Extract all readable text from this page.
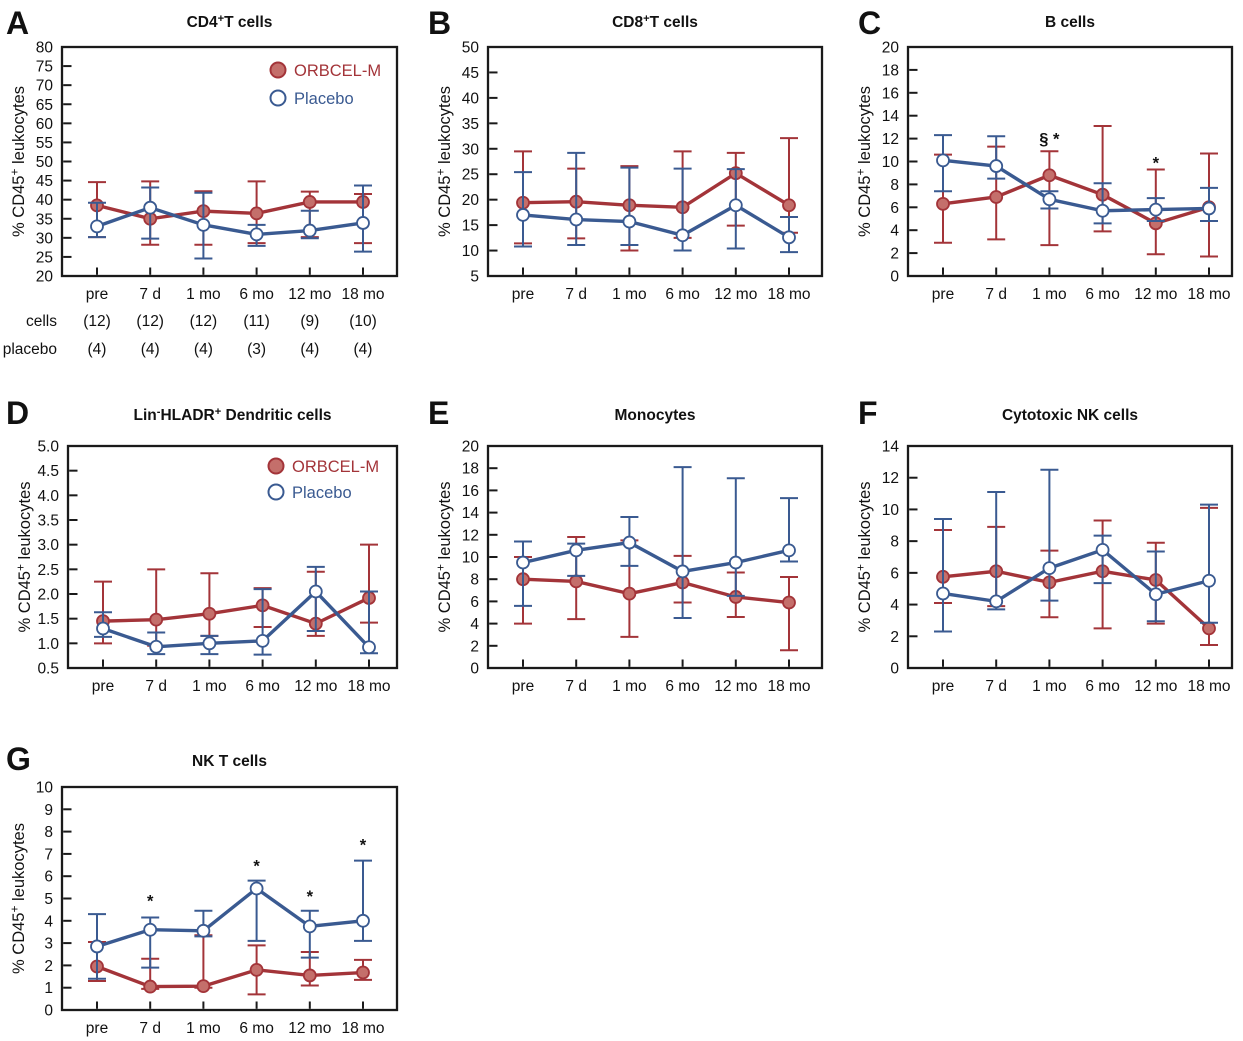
20
25
30
35
40
45
50
55
60
65
70
75
80
pre 7 d 1 mo 6 mo 12 mo 18 mo
CD4+T cells
A
% CD45+ leukocytes
ORBCEL-M
Placebo
cells (12) (12) (12) (11) (9) (10)
placebo (4) (4) (4) (3) (4) (4)
5
10
15
20
25
30
35
40
45
50
pre 7 d 1 mo 6 mo 12 mo 18 mo
CD8+T cells
B
% CD45+ leukocytes
0
2
4
6
8
10
12
14
16
18
20
pre 7 d 1 mo 6 mo 12 mo 18 mo
B cells
C
% CD45+ leukocytes	§ *
*
0.5
1.0
1.5
2.0
2.5
3.0
3.5
4.0
4.5
5.0
pre 7 d 1 mo 6 mo 12 mo 18 mo
Lin-HLADR+ Dendritic cells
D
% CD45+ leukocytes
ORBCEL-M
Placebo
0
2
4
6
8
10
12
14
16
18
20
pre 7 d 1 mo 6 mo 12 mo 18 mo
Monocytes
E
% CD45+ leukocytes
0
2
4
6
8
10
12
14
pre 7 d 1 mo 6 mo 12 mo 18 mo
Cytotoxic NK cells
F
% CD45+ leukocytes
0
1
2
3
4
5
6
7
8
9
10
pre 7 d 1 mo 6 mo 12 mo 18 mo
NK T cells
G
% CD45+ leukocytes	*
*
*
*
